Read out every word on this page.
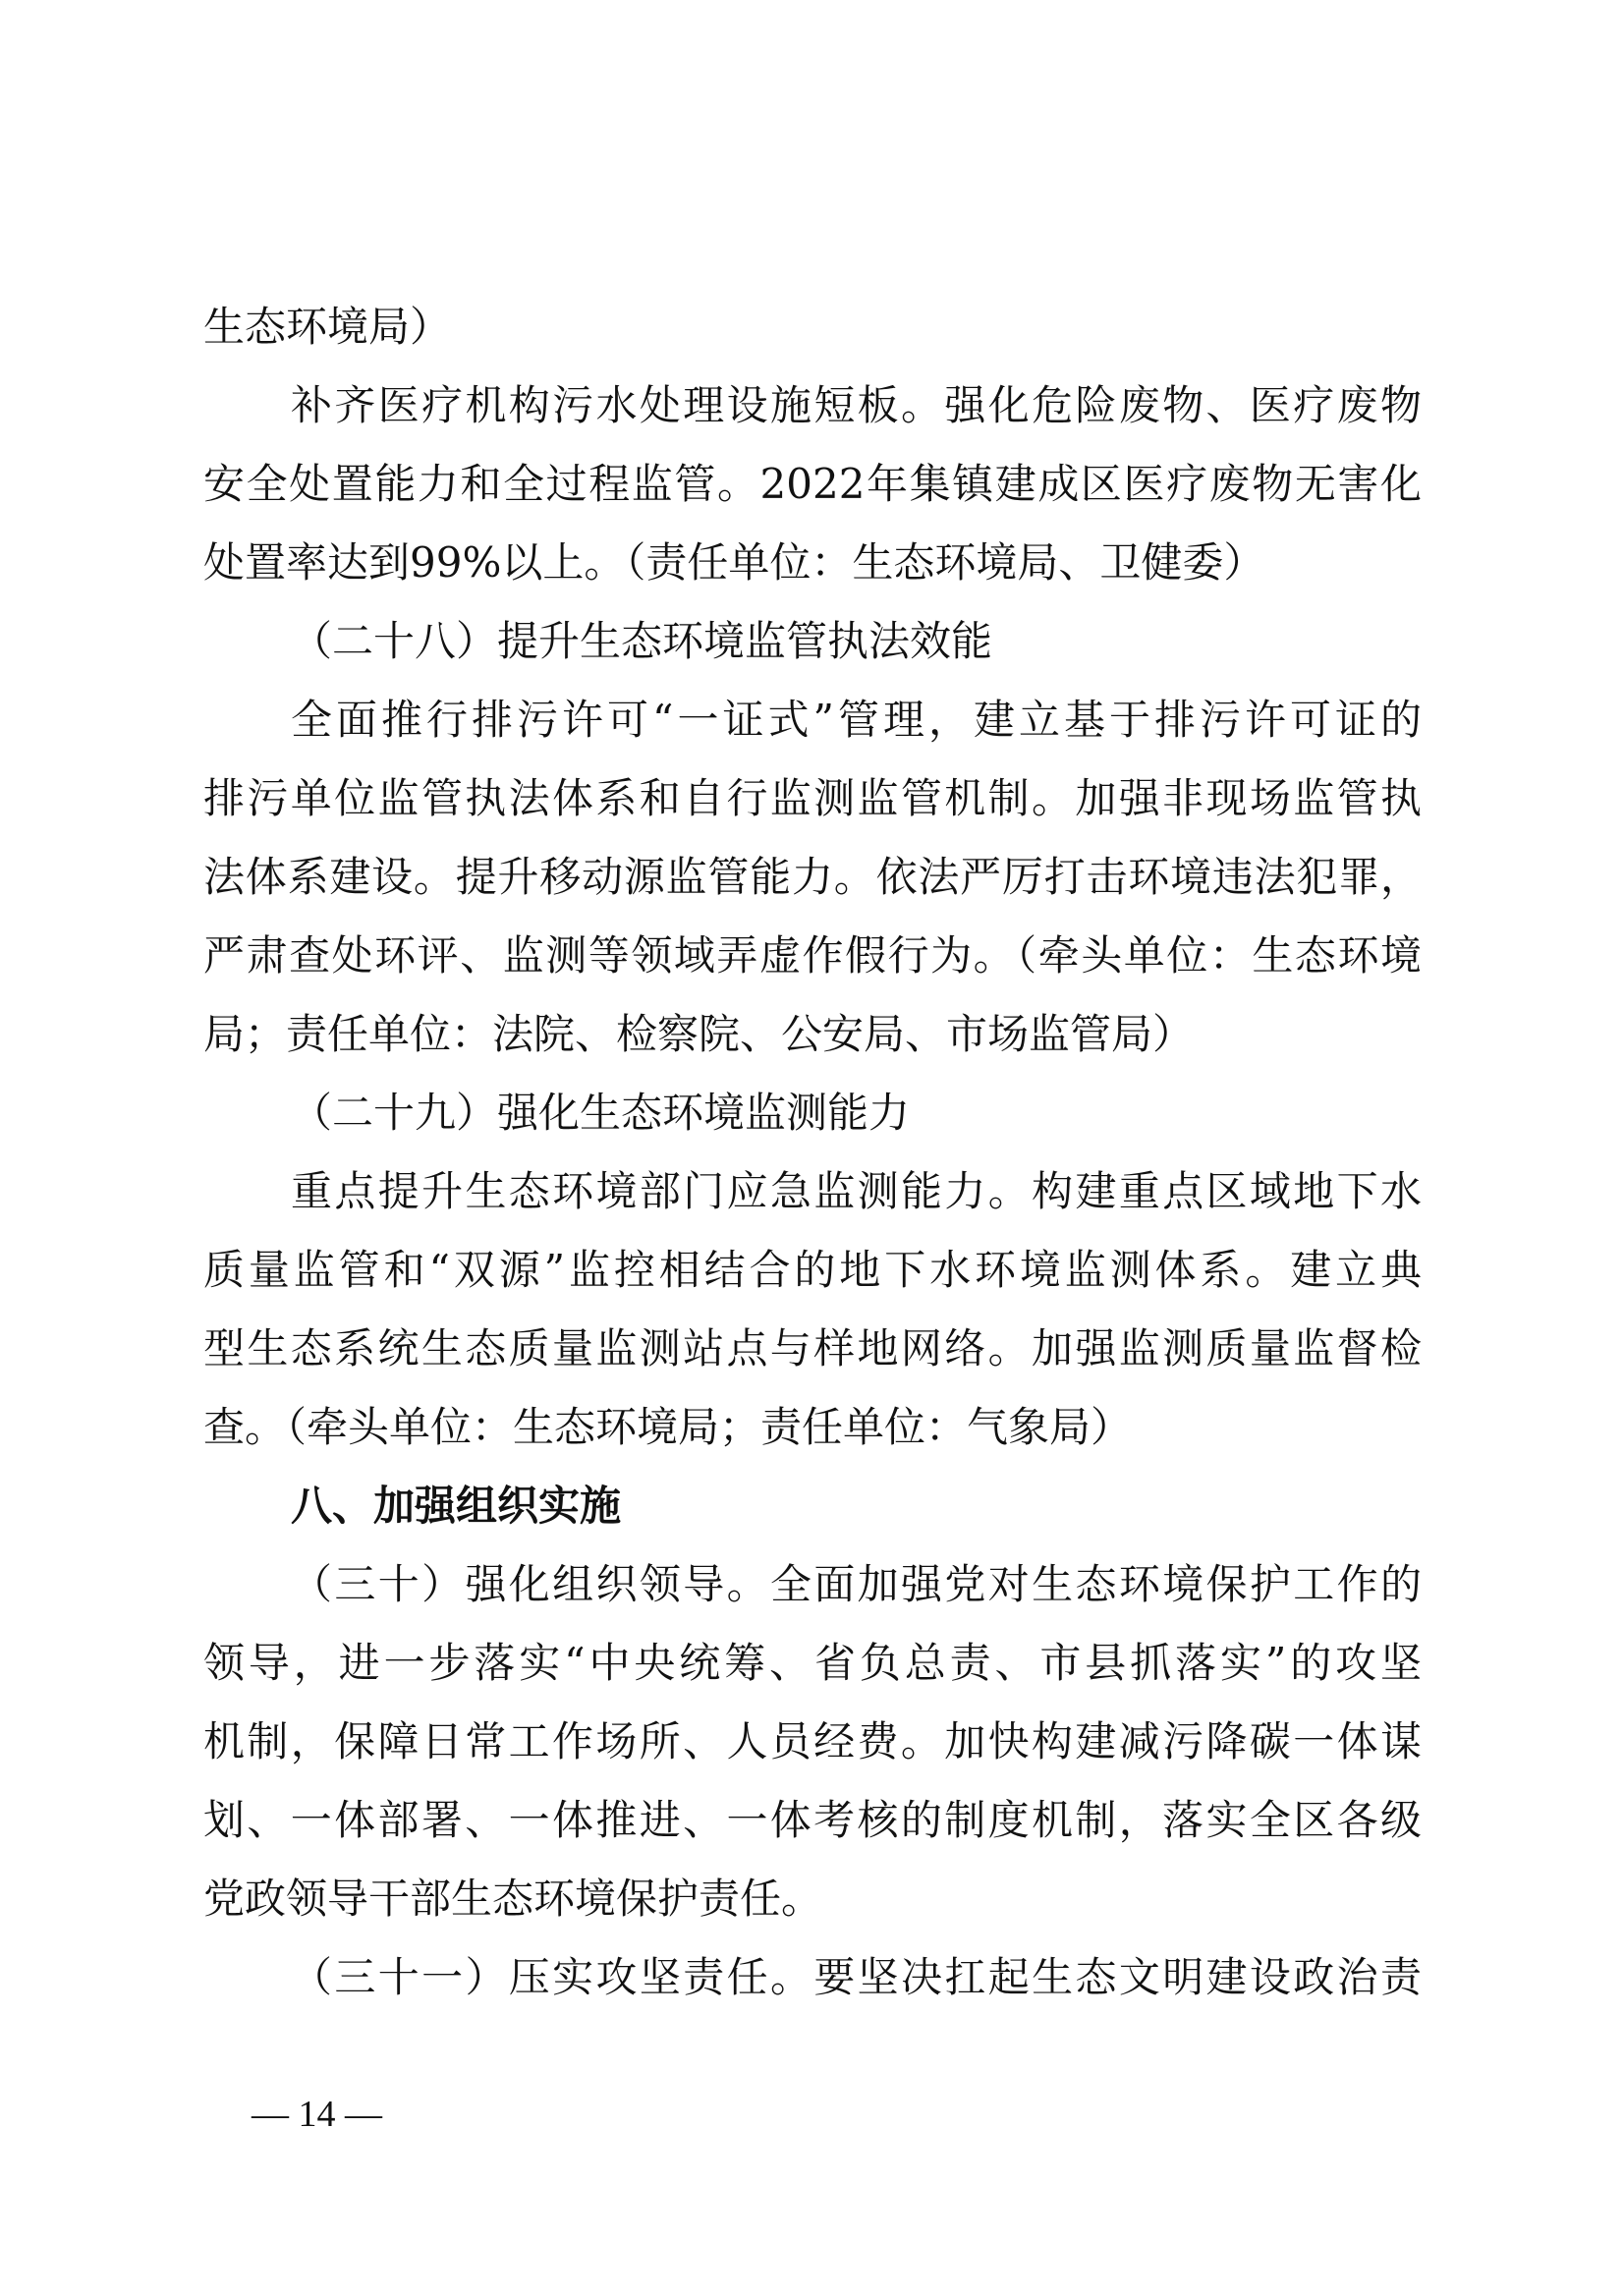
生态环境局）
补齐医疗机构污水处理设施短板。强化危险废物、医疗废物
安全处置能力和全过程监管。2022年集镇建成区医疗废物无害化
处置率达到99%以上。（责任单位：生态环境局、卫健委）
（二十八）提升生态环境监管执法效能
全面推行排污许可“一证式”管理，建立基于排污许可证的
排污单位监管执法体系和自行监测监管机制。加强非现场监管执
法体系建设。提升移动源监管能力。依法严厉打击环境违法犯罪，
严肃查处环评、监测等领域弄虚作假行为。（牵头单位：生态环境
局；责任单位：法院、检察院、公安局、市场监管局）
（二十九）强化生态环境监测能力
重点提升生态环境部门应急监测能力。构建重点区域地下水
质量监管和“双源”监控相结合的地下水环境监测体系。建立典
型生态系统生态质量监测站点与样地网络。加强监测质量监督检
查。（牵头单位：生态环境局；责任单位：气象局）
八、加强组织实施
（三十）强化组织领导。全面加强党对生态环境保护工作的
领导，进一步落实“中央统筹、省负总责、市县抓落实”的攻坚
机制，保障日常工作场所、人员经费。加快构建减污降碳一体谋
划、一体部署、一体推进、一体考核的制度机制，落实全区各级
党政领导干部生态环境保护责任。
（三十一）压实攻坚责任。要坚决扛起生态文明建设政治责
— 14 —
